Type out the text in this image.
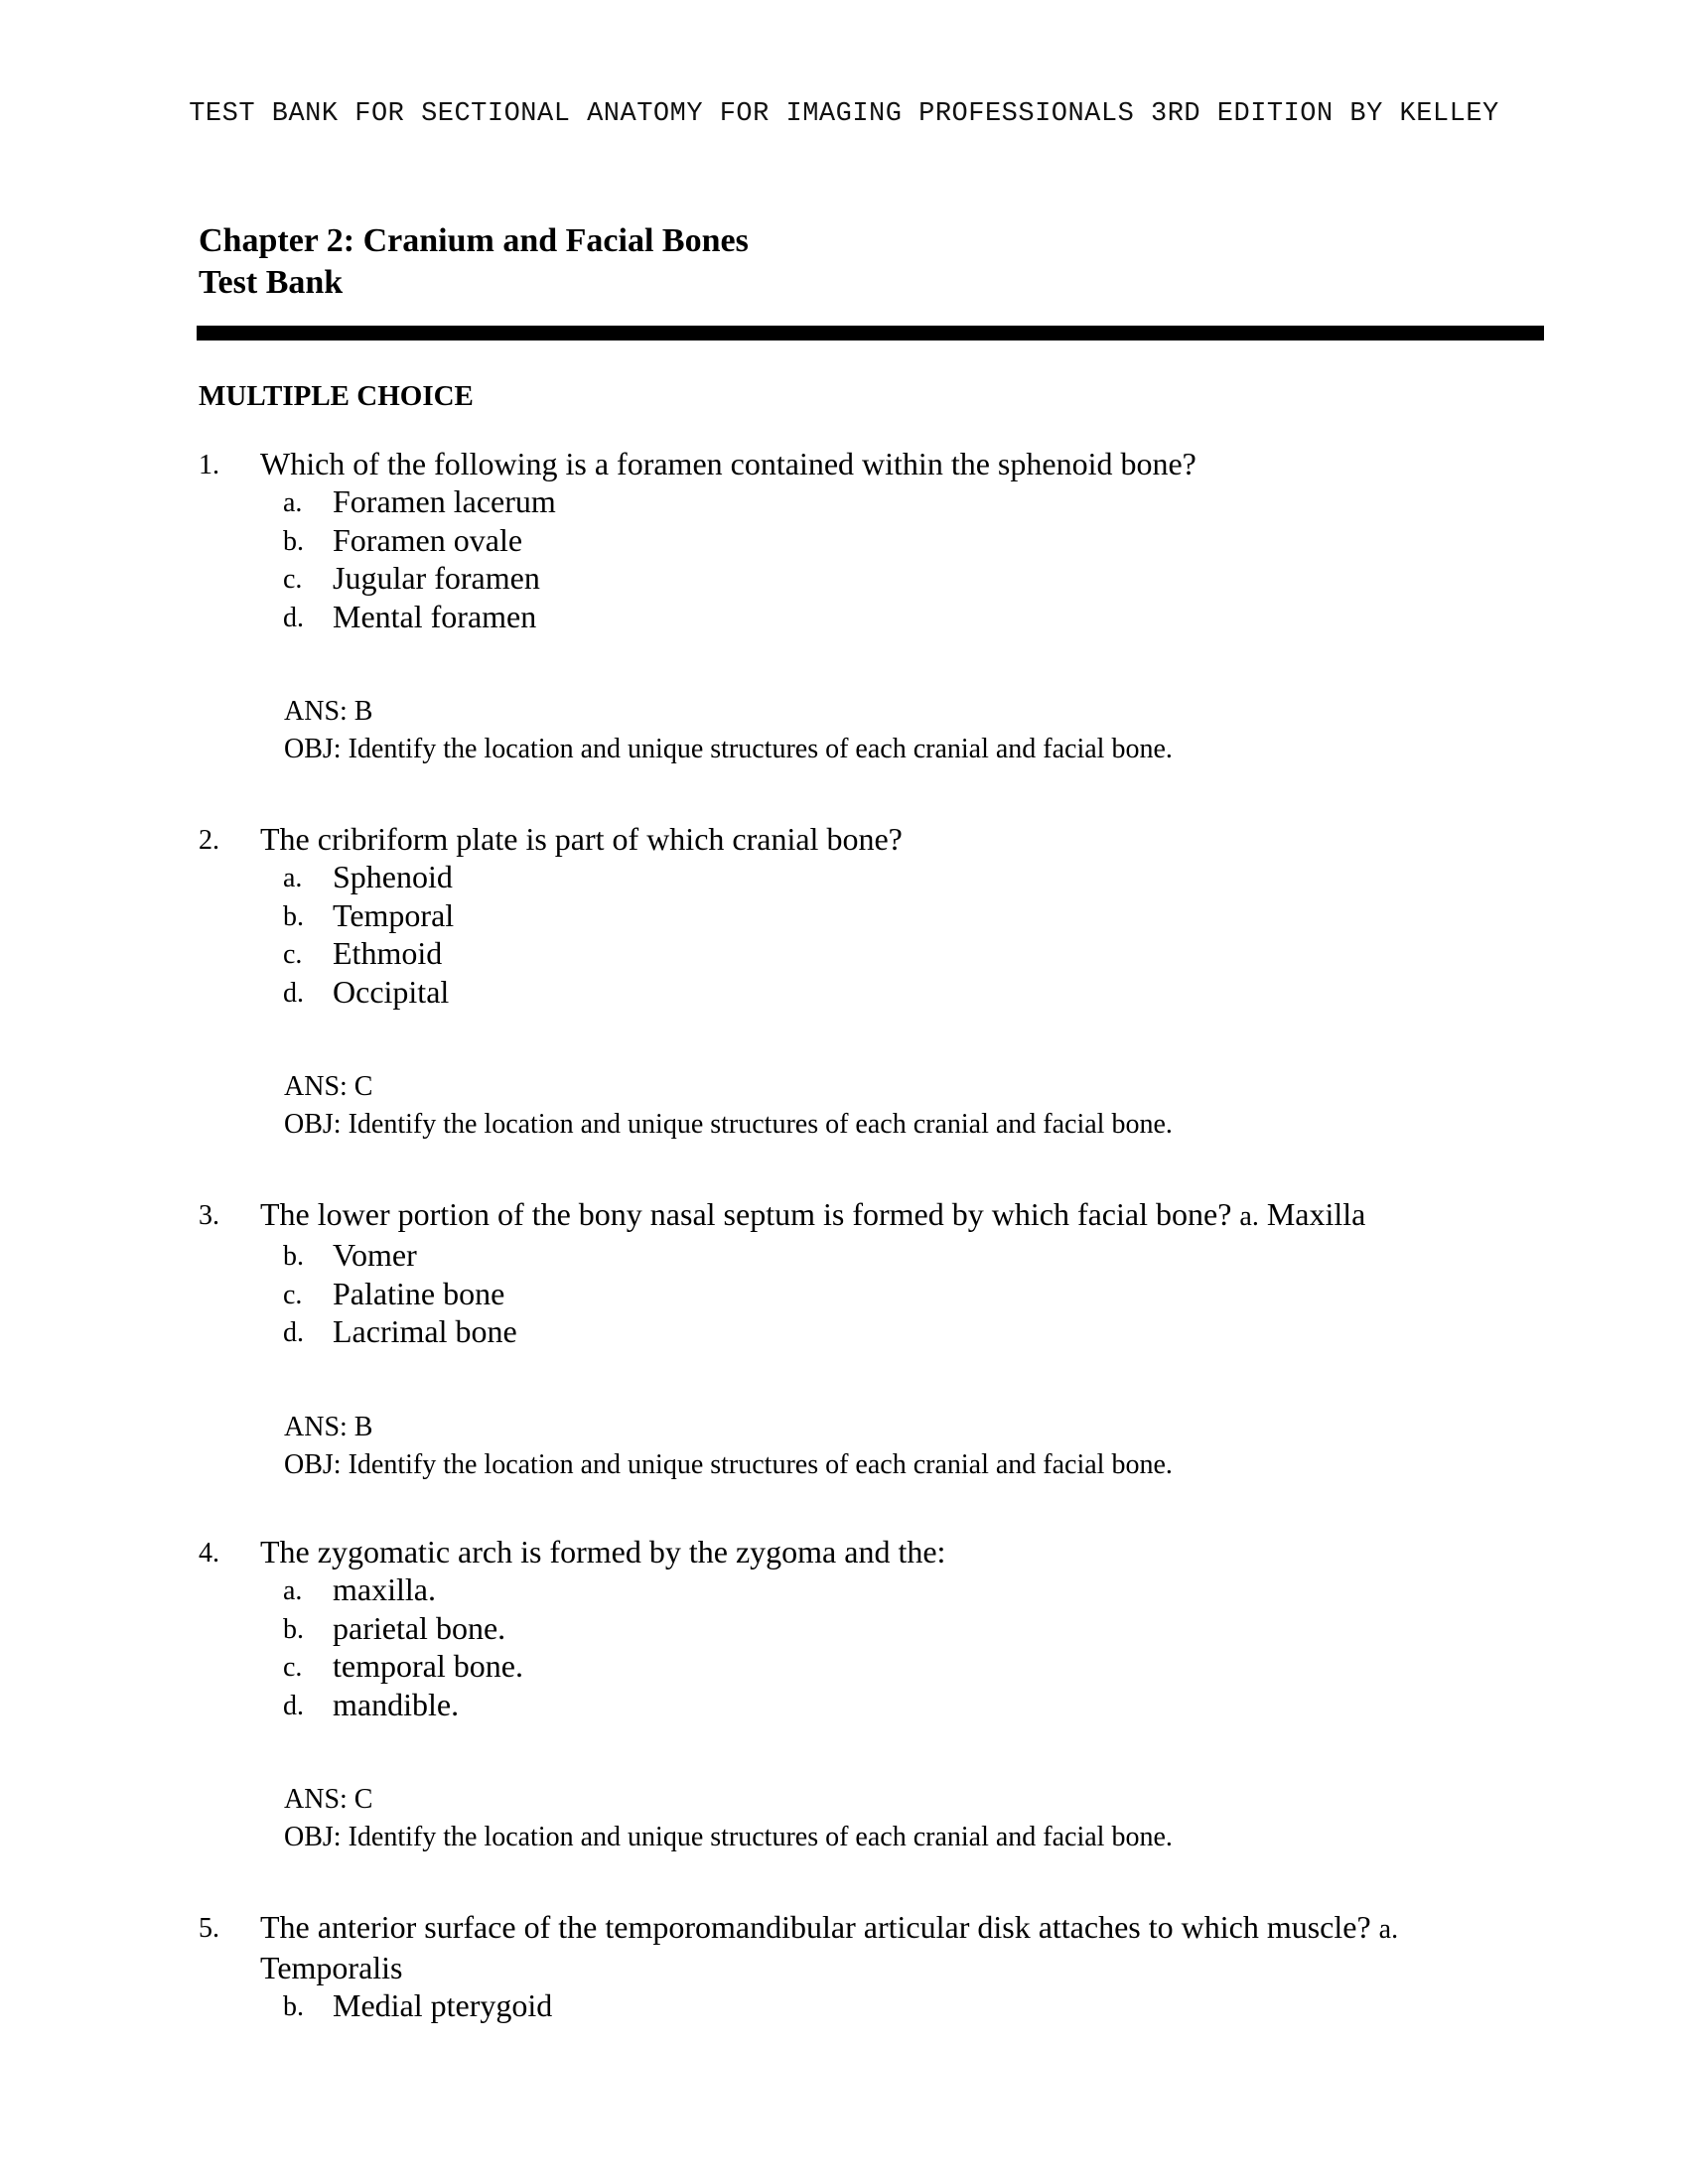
TEST BANK FOR SECTIONAL ANATOMY FOR IMAGING PROFESSIONALS 3RD EDITION BY KELLEY
Chapter 2: Cranium and Facial Bones
Test Bank
MULTIPLE CHOICE
1. Which of the following is a foramen contained within the sphenoid bone?
a. Foramen lacerum
b. Foramen ovale
c. Jugular foramen
d. Mental foramen
ANS: B
OBJ: Identify the location and unique structures of each cranial and facial bone.
2. The cribriform plate is part of which cranial bone?
a. Sphenoid
b. Temporal
c. Ethmoid
d. Occipital
ANS: C
OBJ: Identify the location and unique structures of each cranial and facial bone.
3. The lower portion of the bony nasal septum is formed by which facial bone? a. Maxilla
b. Vomer
c. Palatine bone
d. Lacrimal bone
ANS: B
OBJ: Identify the location and unique structures of each cranial and facial bone.
4. The zygomatic arch is formed by the zygoma and the:
a. maxilla.
b. parietal bone.
c. temporal bone.
d. mandible.
ANS: C
OBJ: Identify the location and unique structures of each cranial and facial bone.
5. The anterior surface of the temporomandibular articular disk attaches to which muscle? a. Temporalis
b. Medial pterygoid
